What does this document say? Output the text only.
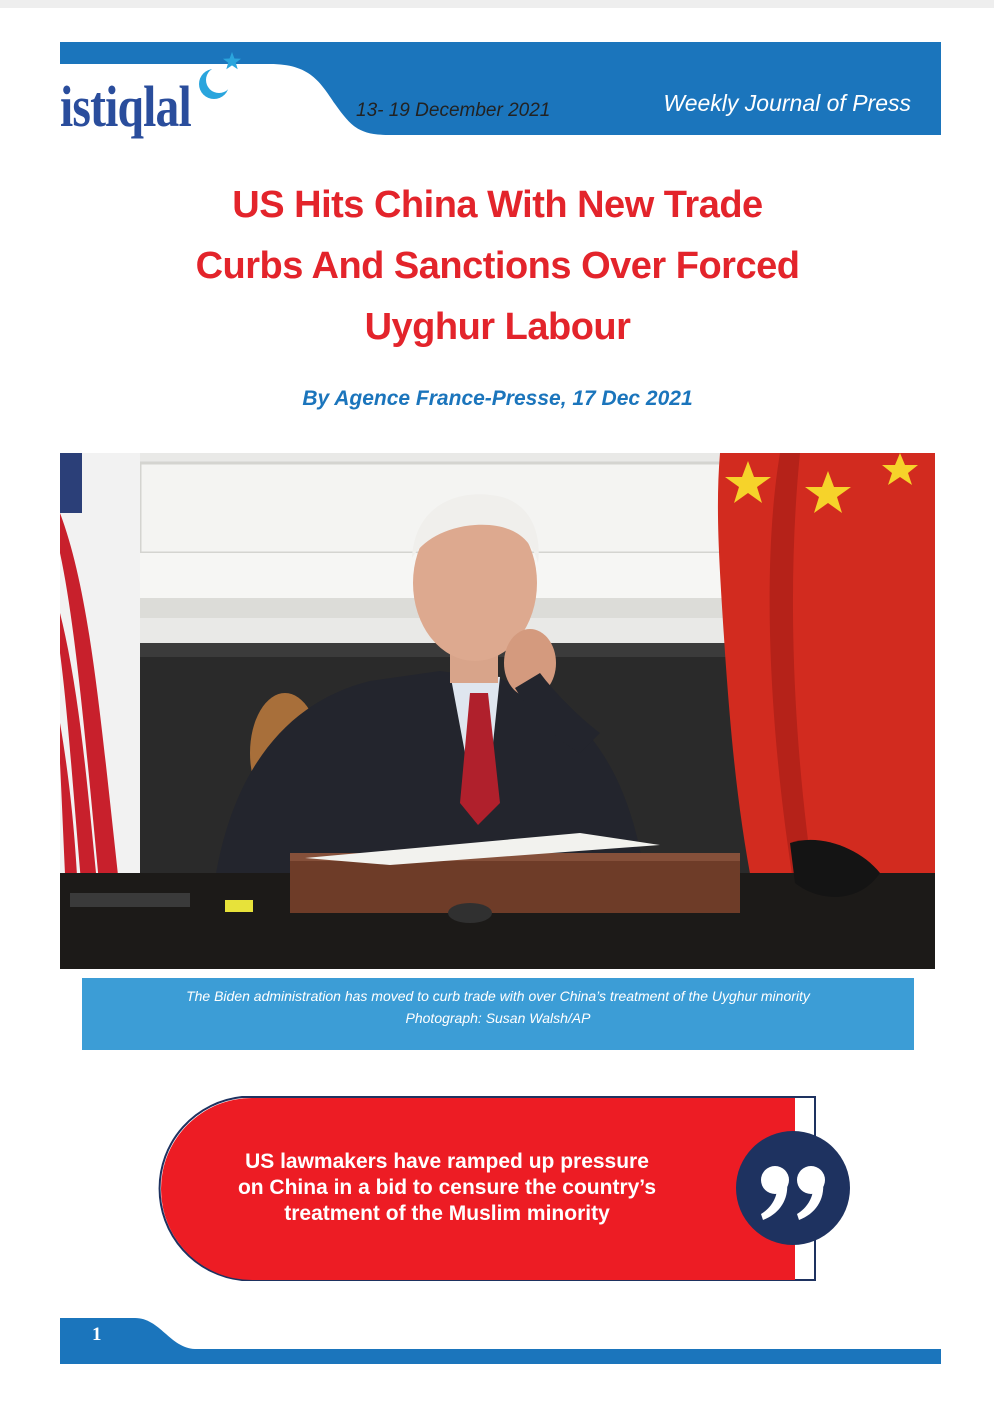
istiqlal	13- 19 December 2021	Weekly Journal of Press
US Hits China With New Trade
Curbs And Sanctions Over Forced
Uyghur Labour
By Agence France-Presse, 17 Dec 2021
The Biden administration has moved to curb trade with over China’s treatment of the Uyghur minority
Photograph: Susan Walsh/AP
US lawmakers have ramped up pressure
on China in a bid to censure the country’s
treatment of the Muslim minority
1
